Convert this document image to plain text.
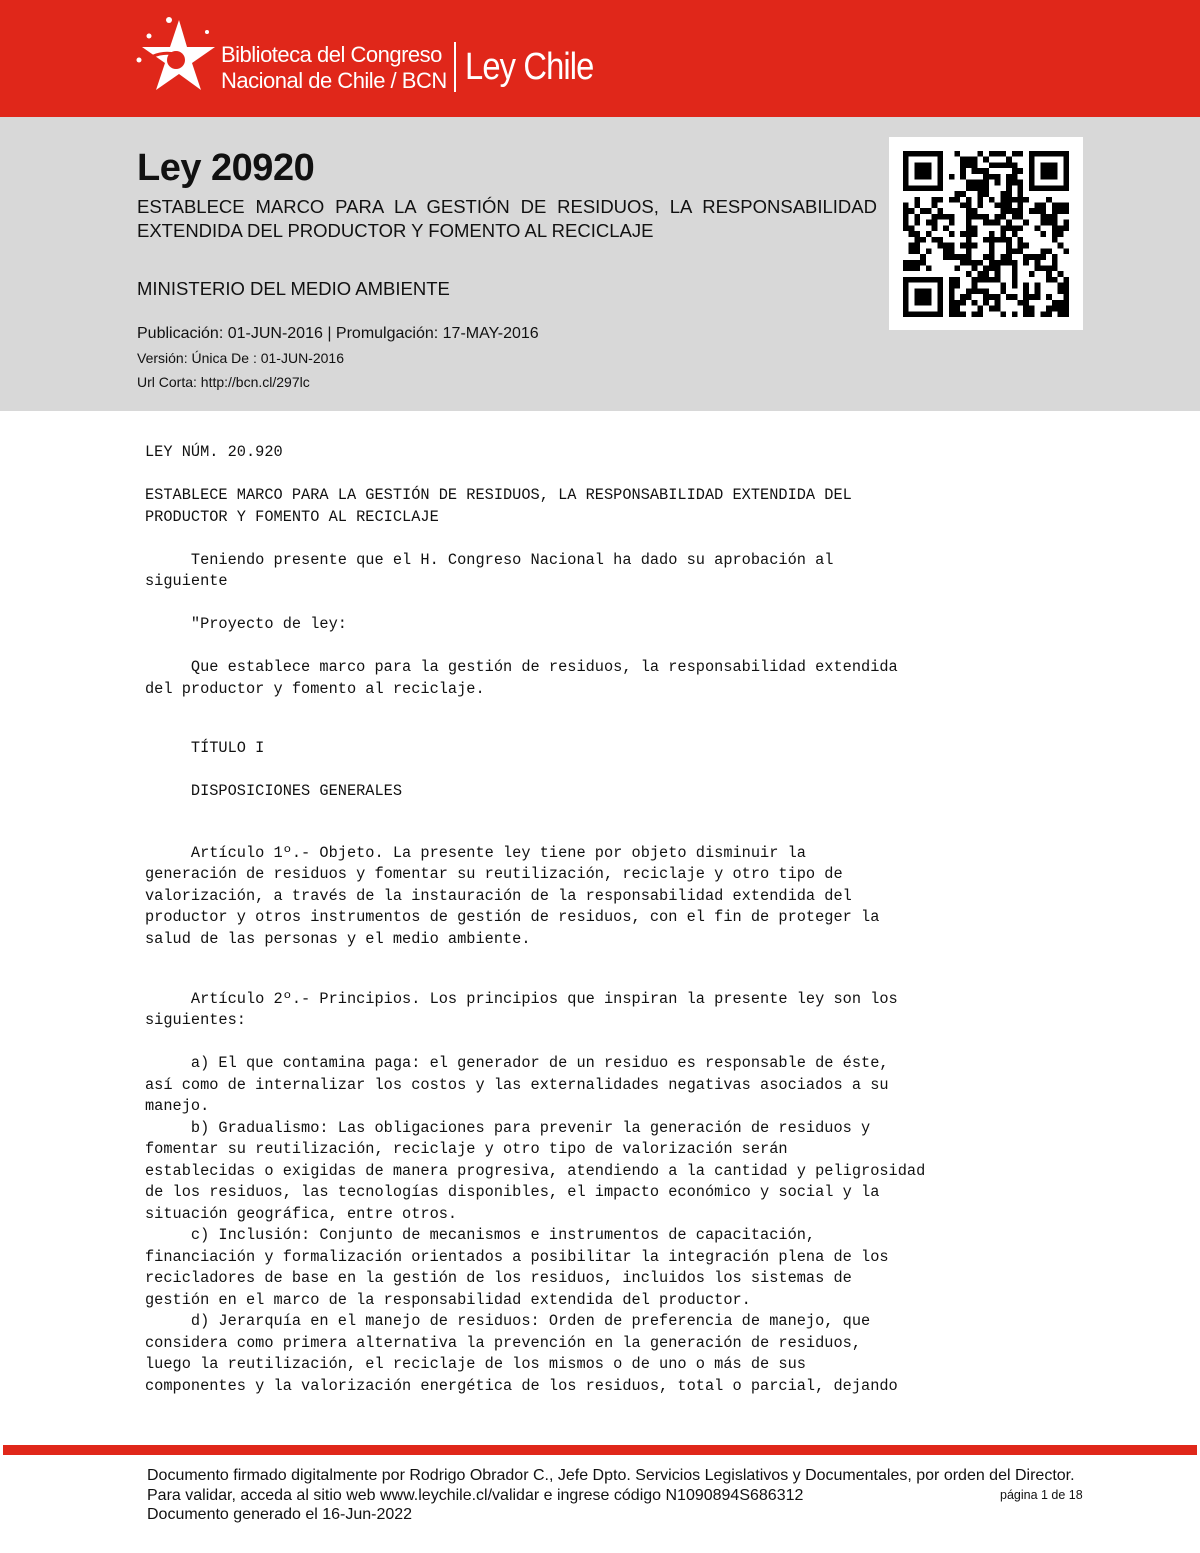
Biblioteca del Congreso
Nacional de Chile / BCN Ley Chile
Ley 20920
ESTABLECE MARCO PARA LA GESTIÓN DE RESIDUOS, LA RESPONSABILIDAD EXTENDIDA DEL PRODUCTOR Y FOMENTO AL RECICLAJE
MINISTERIO DEL MEDIO AMBIENTE
Publicación: 01-JUN-2016 | Promulgación: 17-MAY-2016
Versión: Única De : 01-JUN-2016
Url Corta: http://bcn.cl/297lc
LEY NÚM. 20.920
ESTABLECE MARCO PARA LA GESTIÓN DE RESIDUOS, LA RESPONSABILIDAD EXTENDIDA DEL
PRODUCTOR Y FOMENTO AL RECICLAJE
Teniendo presente que el H. Congreso Nacional ha dado su aprobación al
siguiente
"Proyecto de ley:
Que establece marco para la gestión de residuos, la responsabilidad extendida
del productor y fomento al reciclaje.
TÍTULO I
DISPOSICIONES GENERALES
Artículo 1º.- Objeto. La presente ley tiene por objeto disminuir la
generación de residuos y fomentar su reutilización, reciclaje y otro tipo de
valorización, a través de la instauración de la responsabilidad extendida del
productor y otros instrumentos de gestión de residuos, con el fin de proteger la
salud de las personas y el medio ambiente.
Artículo 2º.- Principios. Los principios que inspiran la presente ley son los
siguientes:
a) El que contamina paga: el generador de un residuo es responsable de éste,
así como de internalizar los costos y las externalidades negativas asociados a su
manejo.
b) Gradualismo: Las obligaciones para prevenir la generación de residuos y
fomentar su reutilización, reciclaje y otro tipo de valorización serán
establecidas o exigidas de manera progresiva, atendiendo a la cantidad y peligrosidad
de los residuos, las tecnologías disponibles, el impacto económico y social y la
situación geográfica, entre otros.
c) Inclusión: Conjunto de mecanismos e instrumentos de capacitación,
financiación y formalización orientados a posibilitar la integración plena de los
recicladores de base en la gestión de los residuos, incluidos los sistemas de
gestión en el marco de la responsabilidad extendida del productor.
d) Jerarquía en el manejo de residuos: Orden de preferencia de manejo, que
considera como primera alternativa la prevención en la generación de residuos,
luego la reutilización, el reciclaje de los mismos o de uno o más de sus
componentes y la valorización energética de los residuos, total o parcial, dejando
Documento firmado digitalmente por Rodrigo Obrador C., Jefe Dpto. Servicios Legislativos y Documentales, por orden del Director.
Para validar, acceda al sitio web www.leychile.cl/validar e ingrese código N1090894S686312
Documento generado el 16-Jun-2022
página 1 de 18
